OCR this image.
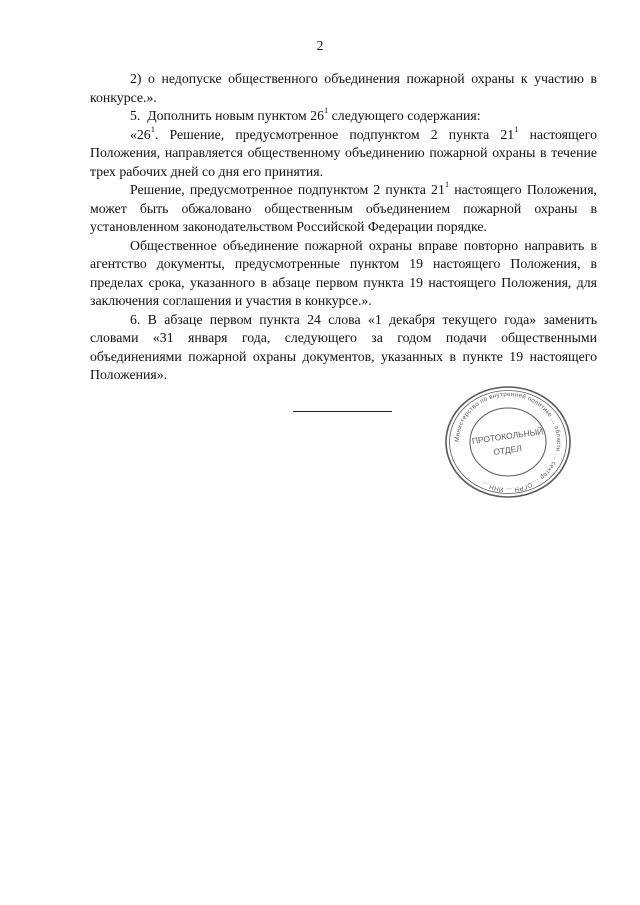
2

2) о недопуске общественного объединения пожарной охраны к участию в конкурсе.».

5.  Дополнить новым пунктом $26^1$ следующего содержания:

«$26^1$. Решение, предусмотренное подпунктом 2 пункта $21^1$ настоящего Положения, направляется общественному объединению пожарной охраны в течение трех рабочих дней со дня его принятия.

Решение, предусмотренное подпунктом 2 пункта $21^1$ настоящего Положения, может быть обжаловано общественным объединением пожарной охраны в установленном законодательством Российской Федерации порядке.

Общественное объединение пожарной охраны вправе повторно направить в агентство документы, предусмотренные пунктом 19 настоящего Положения, в пределах срока, указанного в абзаце первом пункта 19 настоящего Положения, для заключения соглашения и участия в конкурсе.».

6. В абзаце первом пункта 24 слова «1 декабря текущего года» заменить словами «31 января года, следующего за годом подачи общественными объединениями пожарной охраны документов, указанных в пункте 19 настоящего Положения».

Министерство по внутренней политике ... области ... сектор ... ОГРН ... ИНН ...
ПРОТОКОЛЬНЫЙ
ОТДЕЛ
